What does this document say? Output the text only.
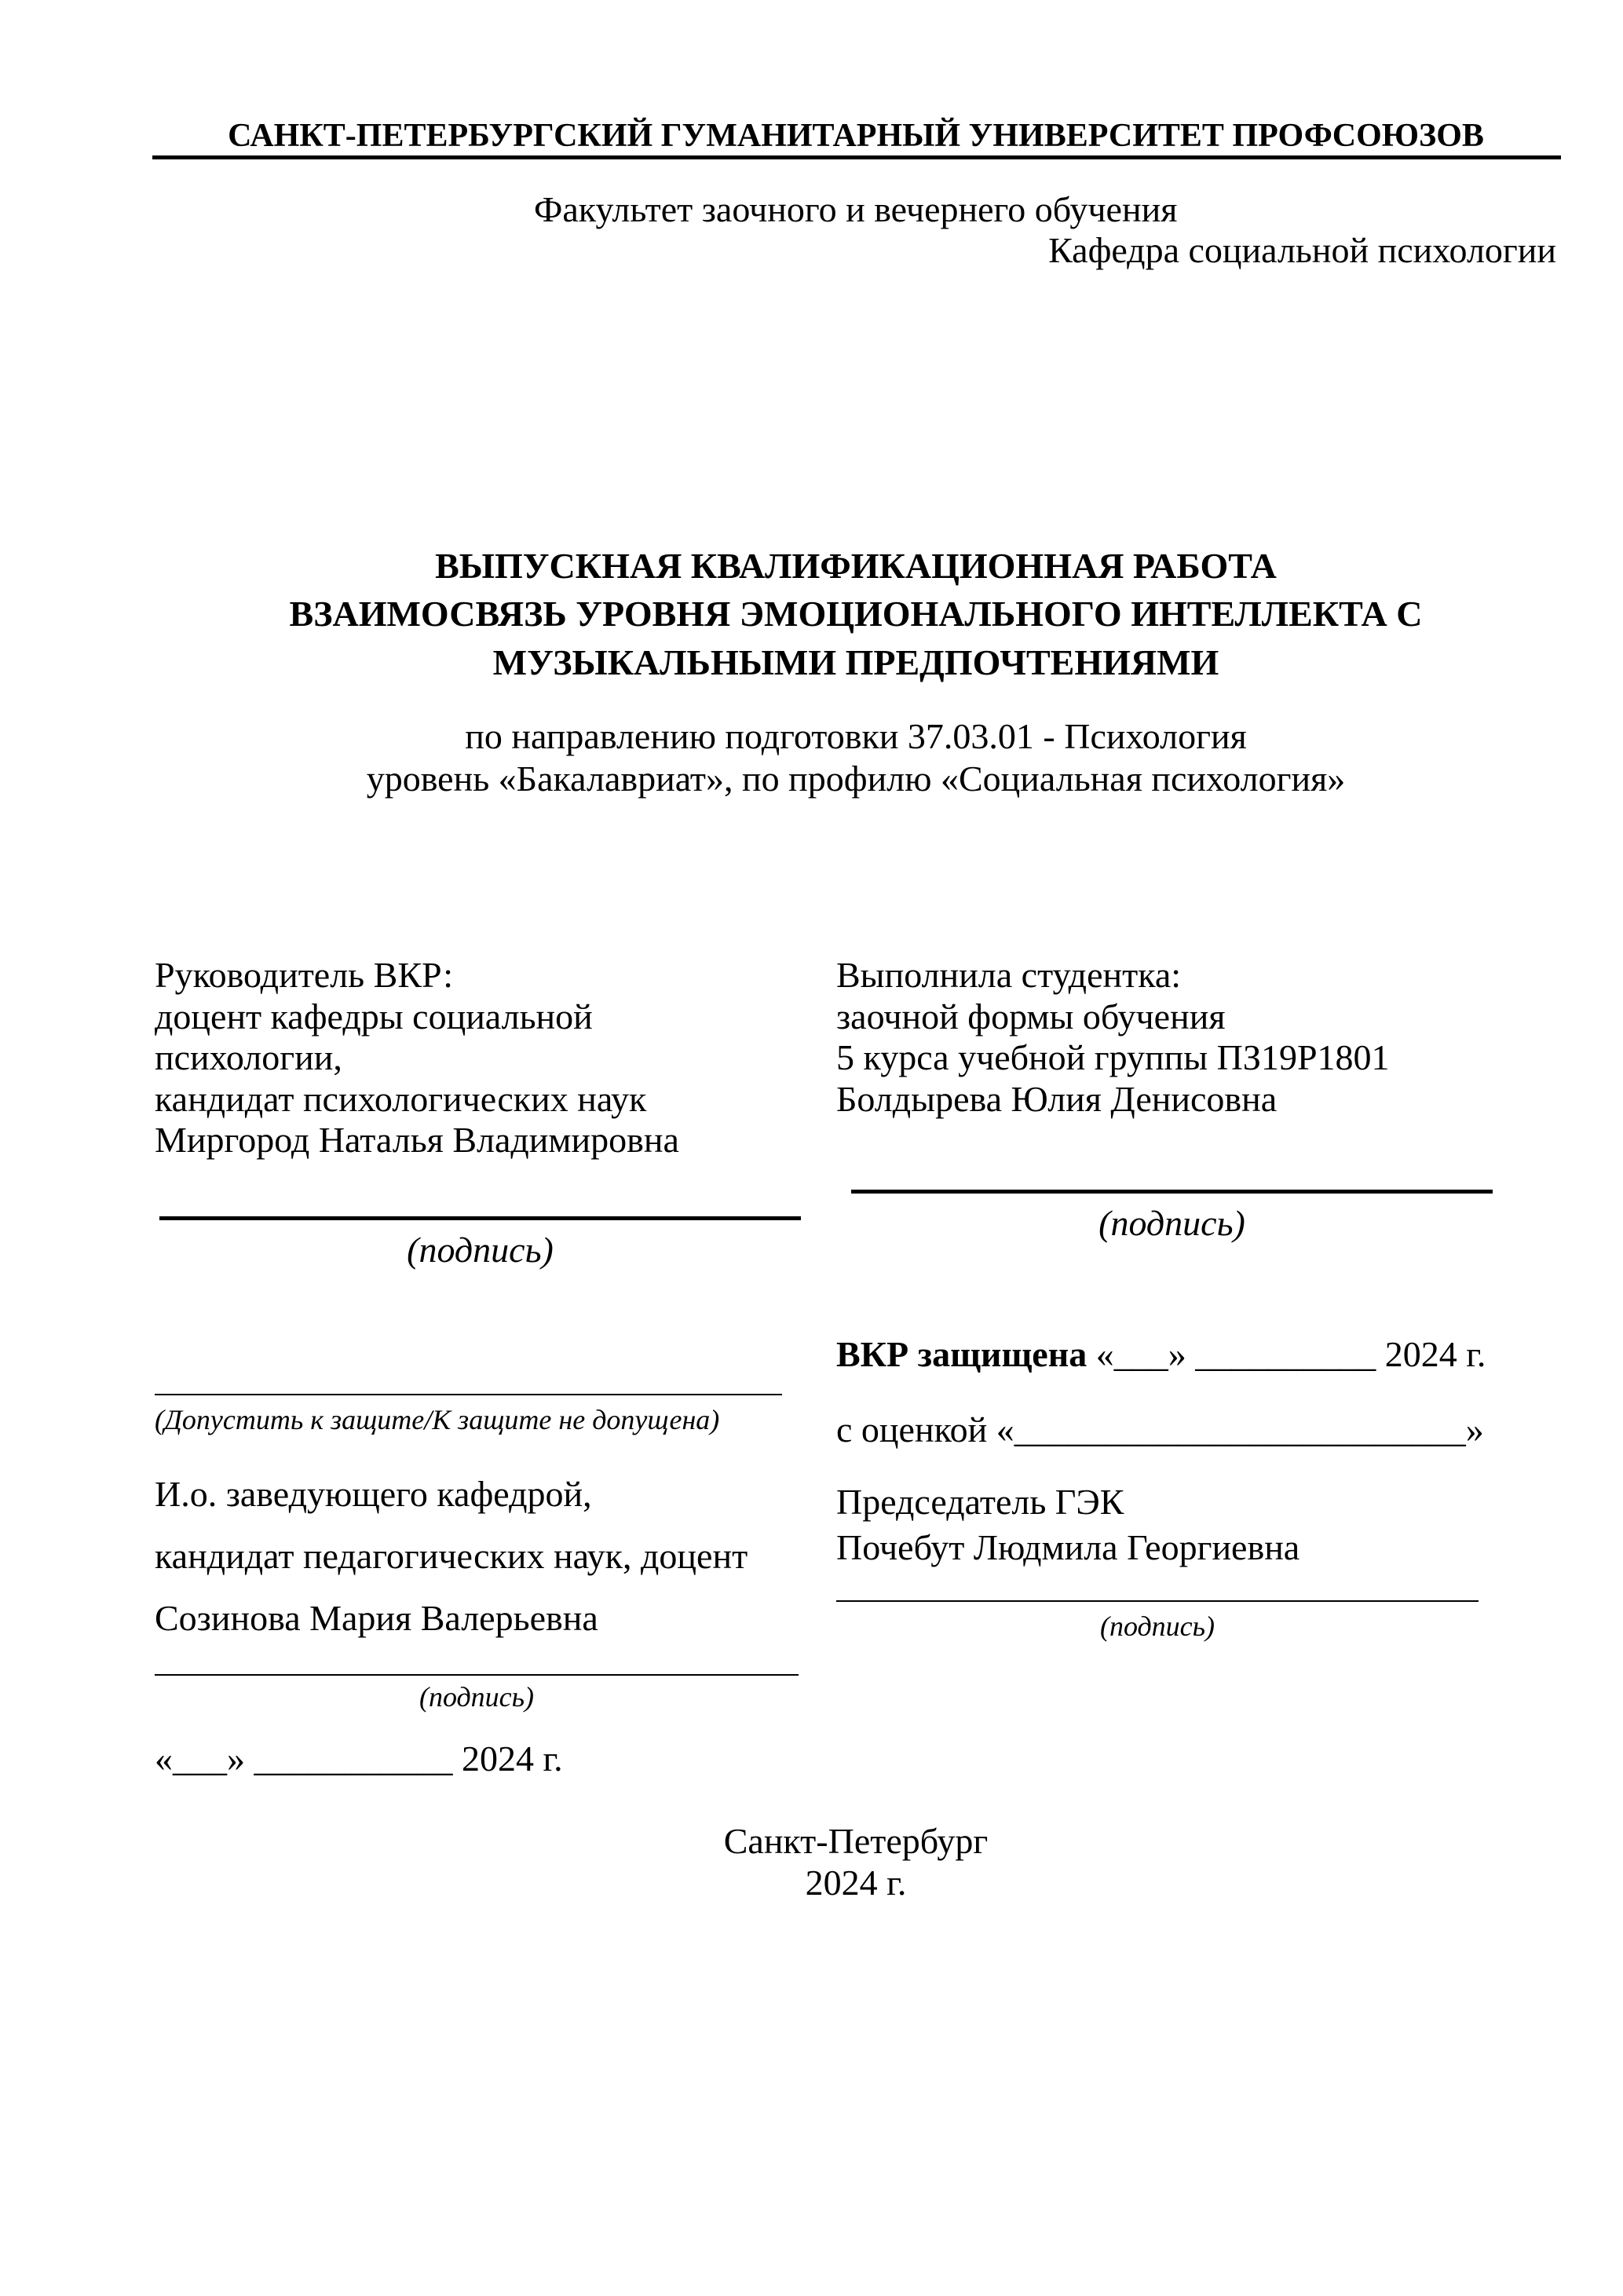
САНКТ-ПЕТЕРБУРГСКИЙ ГУМАНИТАРНЫЙ УНИВЕРСИТЕТ ПРОФСОЮЗОВ
Факультет заочного и вечернего обучения
Кафедра социальной психологии
ВЫПУСКНАЯ КВАЛИФИКАЦИОННАЯ РАБОТА
ВЗАИМОСВЯЗЬ УРОВНЯ ЭМОЦИОНАЛЬНОГО ИНТЕЛЛЕКТА С
МУЗЫКАЛЬНЫМИ ПРЕДПОЧТЕНИЯМИ
по направлению подготовки 37.03.01 - Психология
уровень «Бакалавриат», по профилю «Социальная психология»
Руководитель ВКР:
доцент кафедры социальной
психологии,
кандидат психологических наук
Миргород Наталья Владимировна
(подпись)
Выполнила студентка:
заочной формы обучения
5 курса учебной группы ПЗ19Р1801
Болдырева Юлия Денисовна
(подпись)
(Допустить к защите/К защите не допущена)
И.о. заведующего кафедрой,
кандидат педагогических наук, доцент
Созинова Мария Валерьевна
(подпись)
«___» ___________ 2024 г.
ВКР защищена «___» __________ 2024 г.
с оценкой «_________________________»
Председатель ГЭК
Почебут Людмила Георгиевна
(подпись)
Санкт-Петербург
2024 г.
